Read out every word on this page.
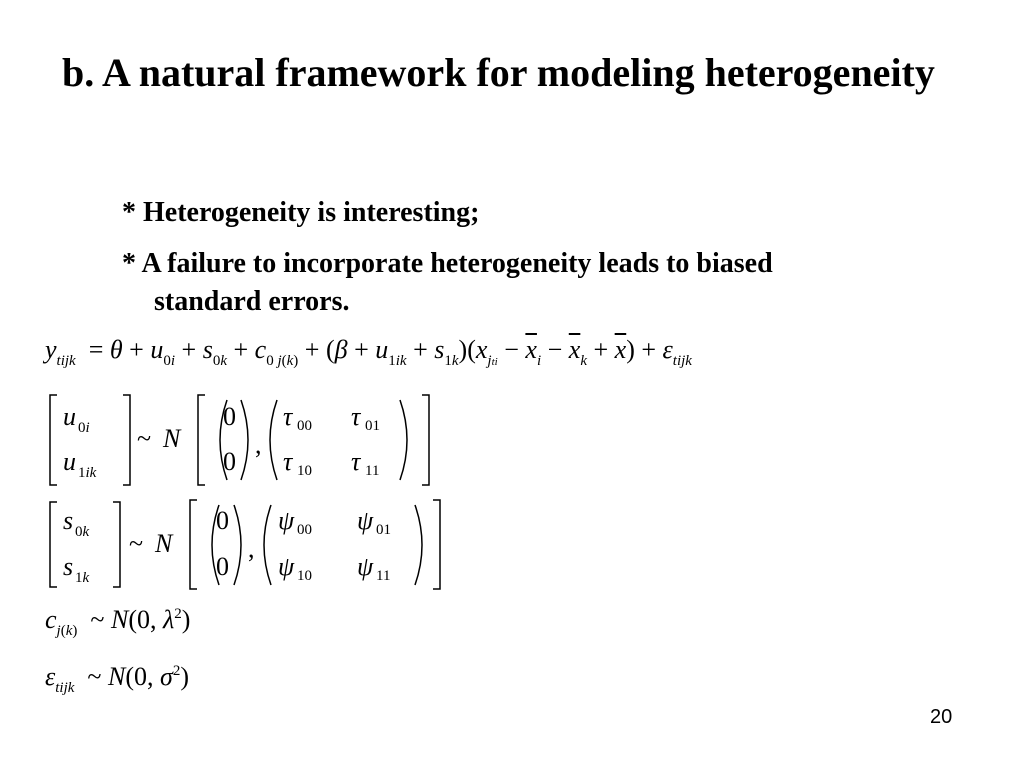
b. A natural framework for modeling heterogeneity
* Heterogeneity is interesting;
* A failure to incorporate heterogeneity leads to biased
standard errors.
$y_{tijk} = \theta + u_{0i} + s_{0k} + c_{0 j(k)} + (\beta + u_{1ik} + s_{1k})(x_{jti} - \overline{x}_i - \overline{x}_k + \overline{x}) + \varepsilon_{tijk}$
u 0i
u 1ik
~ N
0
0
,
τ 00 τ 01
τ 10 τ 11
s 0k
s 1k
~ N
0
0
,
ψ 00 ψ 01
ψ 10 ψ 11
$c_{j(k)}$  ~ N(0, $\lambda^2$)
$\varepsilon_{tijk}$  ~ N(0, $\sigma^2$)
20
